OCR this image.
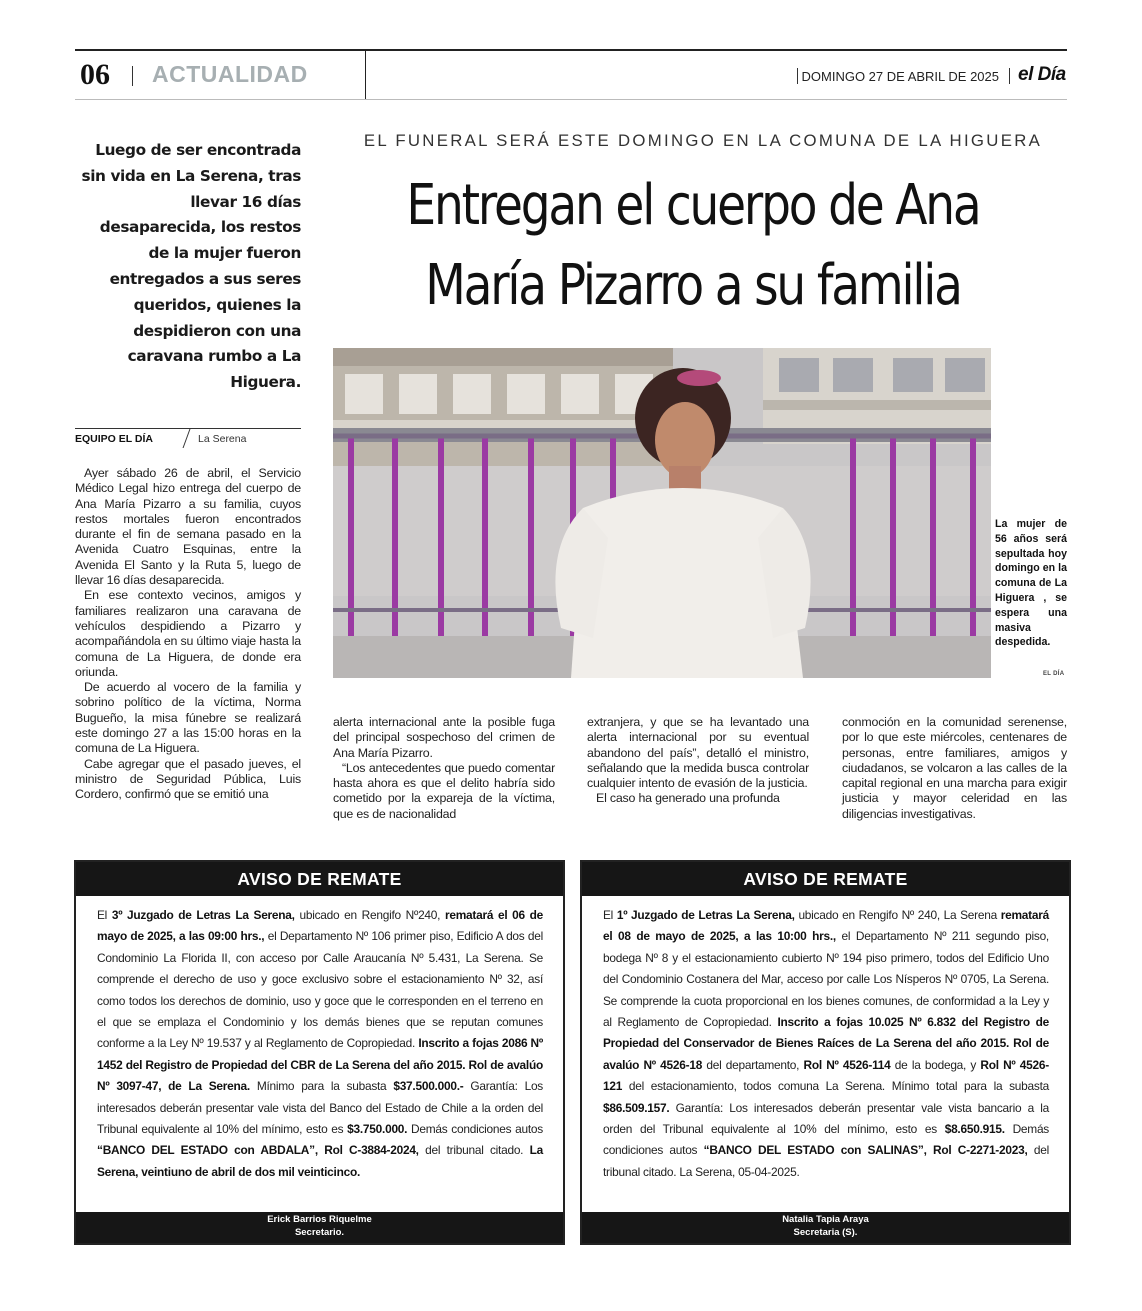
06 ACTUALIDAD	DOMINGO 27 DE ABRIL DE 2025 el Día
Luego de ser encontrada sin vida en La Serena, tras llevar 16 días desaparecida, los restos de la mujer fueron entregados a sus seres queridos, quienes la despidieron con una caravana rumbo a La Higuera.
EQUIPO EL DÍA	La Serena
EL FUNERAL SERÁ ESTE DOMINGO EN LA COMUNA DE LA HIGUERA
Entregan el cuerpo de Ana María Pizarro a su familia
La mujer de 56 años será sepultada hoy domingo en la comuna de La Higuera , se espera una masiva despedida.
EL DÍA

Ayer sábado 26 de abril, el Servicio Médico Legal hizo entrega del cuerpo de Ana María Pizarro a su familia, cuyos restos mortales fueron encontrados durante el fin de semana pasado en la Avenida Cuatro Esquinas, entre la Avenida El Santo y la Ruta 5, luego de llevar 16 días desaparecida.

En ese contexto vecinos, amigos y familiares realizaron una caravana de vehículos despidiendo a Pizarro y acompañándola en su último viaje hasta la comuna de La Higuera, de donde era oriunda.

De acuerdo al vocero de la familia y sobrino político de la víctima, Norma Bugueño, la misa fúnebre se realizará este domingo 27 a las 15:00 horas en la comuna de La Higuera.

Cabe agregar que el pasado jueves, el ministro de Seguridad Pública, Luis Cordero, confirmó que se emitió una

alerta internacional ante la posible fuga del principal sospechoso del crimen de Ana María Pizarro.

“Los antecedentes que puedo comentar hasta ahora es que el delito habría sido cometido por la expareja de la víctima, que es de nacionalidad

extranjera, y que se ha levantado una alerta internacional por su eventual abandono del país”, detalló el ministro, señalando que la medida busca controlar cualquier intento de evasión de la justicia.

El caso ha generado una profunda

conmoción en la comunidad serenense, por lo que este miércoles, centenares de personas, entre familiares, amigos y ciudadanos, se volcaron a las calles de la capital regional en una marcha para exigir justicia y mayor celeridad en las diligencias investigativas.

AVISO DE REMATE
El 3º Juzgado de Letras La Serena, ubicado en Rengifo Nº240, rematará el 06 de mayo de 2025, a las 09:00 hrs., el Departamento Nº 106 primer piso, Edificio A dos del Condominio La Florida II, con acceso por Calle Araucanía Nº 5.431, La Serena. Se comprende el derecho de uso y goce exclusivo sobre el estacionamiento Nº 32, así como todos los derechos de dominio, uso y goce que le corresponden en el terreno en el que se emplaza el Condominio y los demás bienes que se reputan comunes conforme a la Ley Nº 19.537 y al Reglamento de Copropiedad. Inscrito a fojas 2086 Nº 1452 del Registro de Propiedad del CBR de La Serena del año 2015. Rol de avalúo Nº 3097-47, de La Serena. Mínimo para la subasta $37.500.000.- Garantía: Los interesados deberán presentar vale vista del Banco del Estado de Chile a la orden del Tribunal equivalente al 10% del mínimo, esto es $3.750.000. Demás condiciones autos “BANCO DEL ESTADO con ABDALA”, Rol C-3884-2024, del tribunal citado. La Serena, veintiuno de abril de dos mil veinticinco.
Erick Barrios Riquelme
Secretario.
AVISO DE REMATE
El 1º Juzgado de Letras La Serena, ubicado en Rengifo Nº 240, La Serena rematará el 08 de mayo de 2025, a las 10:00 hrs., el Departamento Nº 211 segundo piso, bodega Nº 8 y el estacionamiento cubierto Nº 194 piso primero, todos del Edificio Uno del Condominio Costanera del Mar, acceso por calle Los Nísperos Nº 0705, La Serena. Se comprende la cuota proporcional en los bienes comunes, de conformidad a la Ley y al Reglamento de Copropiedad. Inscrito a fojas 10.025 Nº 6.832 del Registro de Propiedad del Conservador de Bienes Raíces de La Serena del año 2015. Rol de avalúo Nº 4526-18 del departamento, Rol Nº 4526-114 de la bodega, y Rol Nº 4526-121 del estacionamiento, todos comuna La Serena. Mínimo total para la subasta $86.509.157. Garantía: Los interesados deberán presentar vale vista bancario a la orden del Tribunal equivalente al 10% del mínimo, esto es $8.650.915. Demás condiciones autos “BANCO DEL ESTADO con SALINAS”, Rol C-2271-2023, del tribunal citado. La Serena, 05-04-2025.
Natalia Tapia Araya
Secretaria (S).
